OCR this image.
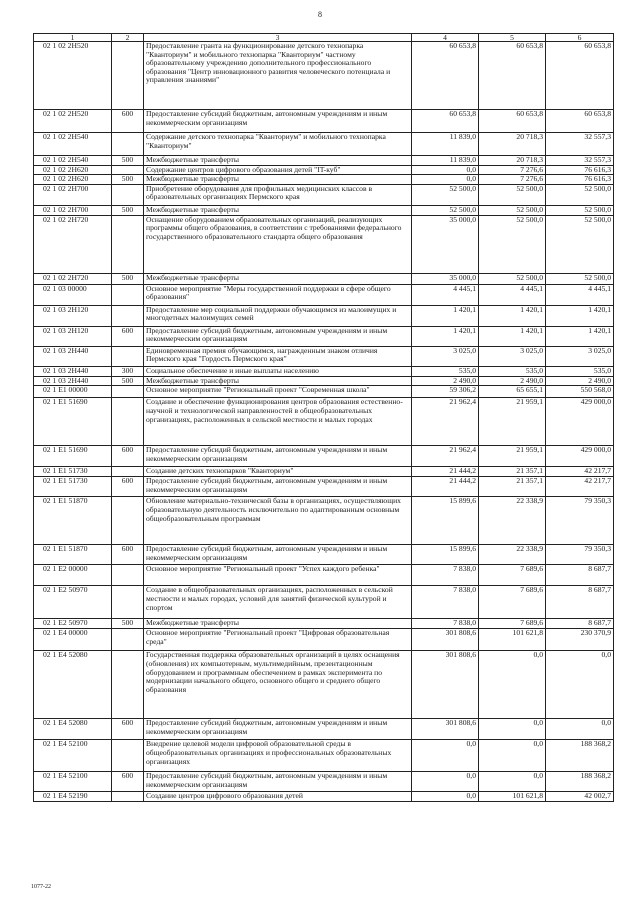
8
1	2	3	4	5	6
02 1 02 2Н520		Предоставление гранта на функционирование детского технопарка "Кванториум" и мобильного технопарка "Кванториум" частному образовательному учреждению дополнительного профессионального образования "Центр инновационного развития человеческого потенциала и управления знаниями"	60 653,8	60 653,8	60 653,8
02 1 02 2Н520	600	Предоставление субсидий бюджетным, автономным учреждениям и иным некоммерческим организациям	60 653,8	60 653,8	60 653,8
02 1 02 2Н540		Содержание детского технопарка "Кванториум" и мобильного технопарка "Кванториум"	11 839,0	20 718,3	32 557,3
02 1 02 2Н540	500	Межбюджетные трансферты	11 839,0	20 718,3	32 557,3
02 1 02 2Н620		Содержание центров цифрового образования детей "IT-куб"	0,0	7 276,6	76 616,3
02 1 02 2Н620	500	Межбюджетные трансферты	0,0	7 276,6	76 616,3
02 1 02 2Н700		Приобретение оборудования для профильных медицинских классов в образовательных организациях Пермского края	52 500,0	52 500,0	52 500,0
02 1 02 2Н700	500	Межбюджетные трансферты	52 500,0	52 500,0	52 500,0
02 1 02 2Н720		Оснащение оборудованием образовательных организаций, реализующих программы общего образования, в соответствии с требованиями федерального государственного образовательного стандарта общего образования	35 000,0	52 500,0	52 500,0
02 1 02 2Н720	500	Межбюджетные трансферты	35 000,0	52 500,0	52 500,0
02 1 03 00000		Основное мероприятие "Меры государственной поддержки в сфере общего образования"	4 445,1	4 445,1	4 445,1
02 1 03 2Н120		Предоставление мер социальной поддержки обучающимся из малоимущих и многодетных малоимущих семей	1 420,1	1 420,1	1 420,1
02 1 03 2Н120	600	Предоставление субсидий бюджетным, автономным учреждениям и иным некоммерческим организациям	1 420,1	1 420,1	1 420,1
02 1 03 2Н440		Единовременная премия обучающимся, награжденным знаком отличия Пермского края "Гордость Пермского края"	3 025,0	3 025,0	3 025,0
02 1 03 2Н440	300	Социальное обеспечение и иные выплаты населению	535,0	535,0	535,0
02 1 03 2Н440	500	Межбюджетные трансферты	2 490,0	2 490,0	2 490,0
02 1 E1 00000		Основное мероприятие "Региональный проект "Современная школа"	59 306,2	65 655,1	550 568,0
02 1 E1 51690		Создание и обеспечение функционирования центров образования естественно-научной и технологической направленностей в общеобразовательных организациях, расположенных в сельской местности и малых городах	21 962,4	21 959,1	429 000,0
02 1 E1 51690	600	Предоставление субсидий бюджетным, автономным учреждениям и иным некоммерческим организациям	21 962,4	21 959,1	429 000,0
02 1 E1 51730		Создание детских технопарков "Кванториум"	21 444,2	21 357,1	42 217,7
02 1 E1 51730	600	Предоставление субсидий бюджетным, автономным учреждениям и иным некоммерческим организациям	21 444,2	21 357,1	42 217,7
02 1 E1 51870		Обновление материально-технической базы в организациях, осуществляющих образовательную деятельность исключительно по адаптированным основным общеобразовательным программам	15 899,6	22 338,9	79 350,3
02 1 E1 51870	600	Предоставление субсидий бюджетным, автономным учреждениям и иным некоммерческим организациям	15 899,6	22 338,9	79 350,3
02 1 E2 00000		Основное мероприятие "Региональный проект "Успех каждого ребенка"	7 838,0	7 689,6	8 687,7
02 1 E2 50970		Создание в общеобразовательных организациях, расположенных в сельской местности и малых городах, условий для занятий физической культурой и спортом	7 838,0	7 689,6	8 687,7
02 1 E2 50970	500	Межбюджетные трансферты	7 838,0	7 689,6	8 687,7
02 1 E4 00000		Основное мероприятие "Региональный проект "Цифровая образовательная среда"	301 808,6	101 621,8	230 370,9
02 1 E4 52080		Государственная поддержка образовательных организаций в целях оснащения (обновления) их компьютерным, мультимедийным, презентационным оборудованием и программным обеспечением в рамках эксперимента по модернизации начального общего, основного общего и среднего общего образования	301 808,6	0,0	0,0
02 1 E4 52080	600	Предоставление субсидий бюджетным, автономным учреждениям и иным некоммерческим организациям	301 808,6	0,0	0,0
02 1 E4 52100		Внедрение целевой модели цифровой образовательной среды в общеобразовательных организациях и профессиональных образовательных организациях	0,0	0,0	188 368,2
02 1 E4 52100	600	Предоставление субсидий бюджетным, автономным учреждениям и иным некоммерческим организациям	0,0	0,0	188 368,2
02 1 E4 52190		Создание центров цифрового образования детей	0,0	101 621,8	42 002,7
1077-22
